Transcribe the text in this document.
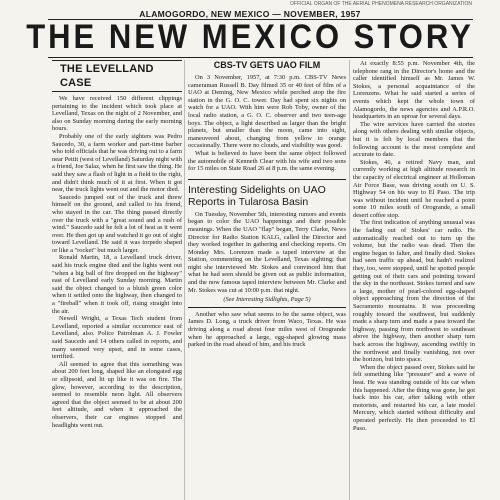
OFFICIAL ORGAN OF THE AERIAL PHENOMENA RESEARCH ORGANIZATION
ALAMOGORDO, NEW MEXICO — NOVEMBER, 1957
THE NEW MEXICO STORY
THE LEVELLAND CASE

We have received 150 different clippings pertaining to the incident which took place at Levelland, Texas on the night of 2 November, and also on Sunday morning during the early morning hours.

Probably one of the early sighters was Pedro Saucedo, 30, a farm worker and part-time barber who told officials that he was driving out to a farm near Pettit (west of Levelland) Saturday night with a friend, Joe Salaz, when he first saw the thing. He said they saw a flash of light in a field to the right, and didn't think much of it at first. When it got near, the truck lights went out and the motor died.

Saucedo jumped out of the truck and threw himself on the ground, and called to his friend, who stayed in the car. The thing passed directly over the truck with a "great sound and a rush of wind." Saucedo said he felt a lot of heat as it went over. He then got up and watched it go out of sight toward Levelland. He said it was torpedo shaped or like a "rocket" but much larger.

Ronald Martin, 18, a Levelland truck driver, said his truck engine died and the lights went out "when a big ball of fire dropped on the highway" east of Levelland early Sunday morning. Martin said the object changed to a bluish green color when it settled onto the highway, then changed to a "fireball" when it took off, rising straight into the air.

Newell Wright, a Texas Tech student from Levelland, reported a similar occurrence east of Levelland, also. Police Patrolman A. J. Fowler said Saucedo and 14 others called in reports, and many seemed very upset, and in some cases, terrified.

All seemed to agree that this something was about 200 feet long, shaped like an elongated egg or ellipsoid, and lit up like it was on fire. The glow, however, according to the description, seemed to resemble neon light. All observers agreed that the object seemed to be at about 200 feet altitude, and when it approached the observers, their car engines stopped and headlights went out.

CBS-TV GETS UAO FILM

On 3 November, 1957, at 7:30 p.m. CBS-TV News cameraman Russell B. Day filmed 35 or 40 feet of film of a UAO at Deming, New Mexico while perched atop the fire station in the G. O. C. tower. Day had spent six nights on watch for a UAO. With him were Rob Toby, owner of the local radio station, a G. O. C. observer and two teen-age boys. The object, a light described as larger than the bright planets, but smaller than the moon, came into sight, maneuvered about, changing from yellow to orange occasionally. There were no clouds, and visibility was good.

What is believed to have been the same object followed the automobile of Kenneth Clear with his wife and two sons for 15 miles on State Road 26 at 8 p.m. the same evening.

Interesting Sidelights on UAO Reports in Tularosa Basin

On Tuesday, November 5th, interesting rumors and events began to color the UAO happenings and their possible meanings. When the UAO "flap" began, Terry Clarke, News Director for Radio Station KALG, called the Director and they worked together in gathering and checking reports. On Monday Mrs. Lorenzen made a taped interview at the Station, commenting on the Levelland, Texas sighting; that night she interviewed Mr. Stokes and convinced him that what he had seen should be given out as public information, and the now famous taped interview between Mr. Clarke and Mr. Stokes was cut at 10:00 p.m. that night.

(See Interesting Sidlights, Page 5)

Another who saw what seems to be the same object, was James D. Long, a truck driver from Waco, Texas. He was driving along a road about four miles west of Orogrande when he approached a large, egg-shaped glowing mass parked in the road ahead of him, and his truck

At exactly 8:55 p.m. November 4th, the telephone rang in the Director's home and the caller identified himself as Mr. James W. Stokes, a personal acquaintance of the Lorenzens. What he said started a series of events which kept the whole town of Alamogordo, the news agencies and A.P.R.O. headquarters in an uproar for several days.

The wire services have carried the stories along with others dealing with similar objects, but it is felt by local members that the following account is the most complete and accurate to date.

Stokes, 46, a retired Navy man, and currently working at high altitude research in the capacity of electrical engineer at Holloman Air Force Base, was driving south on U. S. Highway 54 on his way to El Paso. The trip was without incident until he reached a point some 10 miles south of Orogrande, a small desert coffee stop.

The first indication of anything unusual was the fading out of Stokes' car radio. He automatically reached out to turn up the volume, but the radio was dead. Then the engine began to falter, and finally died. Stokes had seen traffic up ahead, but hadn't realized they, too, were stopped, until he spotted people getting out of their cars and pointing toward the sky in the northeast. Stokes turned and saw a large, mother of pearl-colored egg-shaped object approaching from the direction of the Sacramento mountains. It was proceeding roughly toward the southwest, but suddenly made a sharp turn and made a pass toward the highway, passing from northwest to southeast above the highway, then another sharp turn back across the highway, ascending swiftly in the northwest and finally vanishing, not over the horizon, but into space.

When the object passed over, Stokes said he felt something like "pressure" and a wave of heat. He was standing outside of his car when this happened. After the thing was gone, he got back into his car, after talking with other motorists, and restarted his car, a late model Mercury, which started without difficulty and operated perfectly. He then proceeded to El Paso.
